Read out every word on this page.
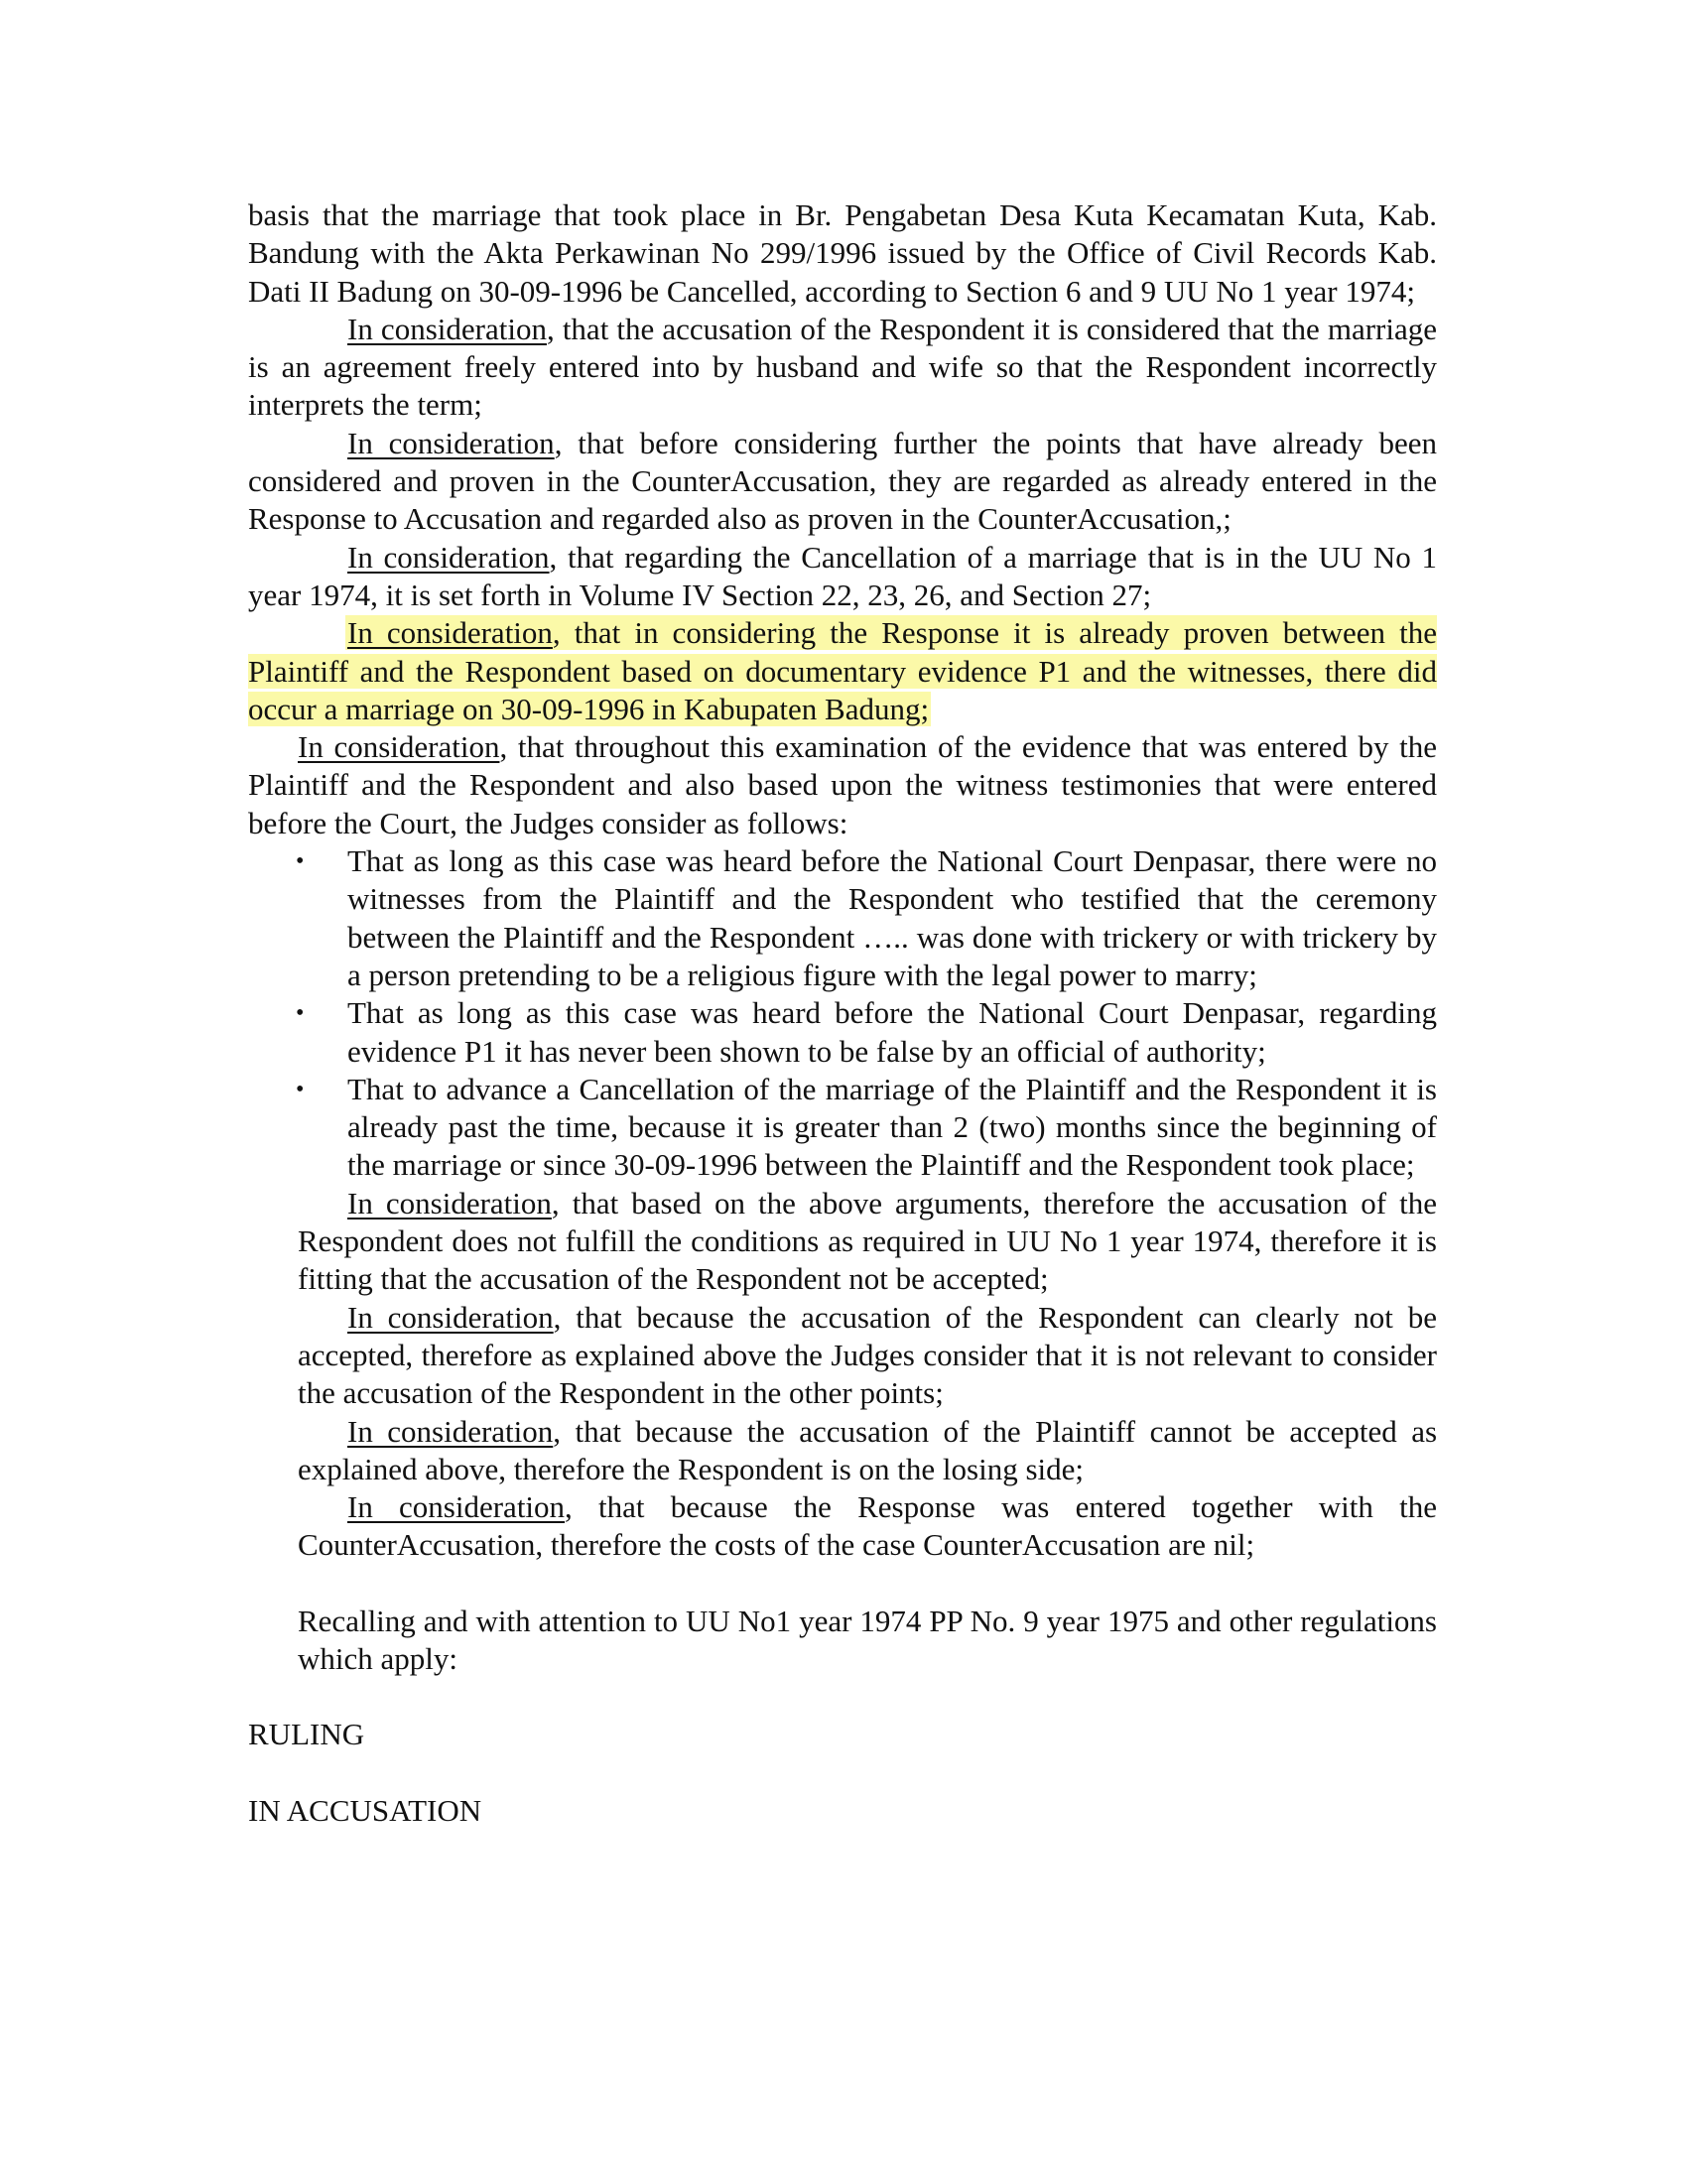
basis that the marriage that took place in Br. Pengabetan Desa Kuta Kecamatan Kuta, Kab. Bandung with the Akta Perkawinan No 299/1996 issued by the Office of Civil Records Kab. Dati II Badung on 30-09-1996 be Cancelled, according to Section 6 and 9 UU No 1 year 1974;

In consideration, that the accusation of the Respondent it is considered that the marriage is an agreement freely entered into by husband and wife so that the Respondent incorrectly interprets the term;

In consideration, that before considering further the points that have already been considered and proven in the CounterAccusation, they are regarded as already entered in the Response to Accusation and regarded also as proven in the CounterAccusation,;

In consideration, that regarding the Cancellation of a marriage that is in the UU No 1 year 1974, it is set forth in Volume IV Section 22, 23, 26, and Section 27;

In consideration, that in considering the Response it is already proven between the Plaintiff and the Respondent based on documentary evidence P1 and the witnesses, there did occur a marriage on 30-09-1996 in Kabupaten Badung;

In consideration, that throughout this examination of the evidence that was entered by the Plaintiff and the Respondent and also based upon the witness testimonies that were entered before the Court, the Judges consider as follows:

• That as long as this case was heard before the National Court Denpasar, there were no witnesses from the Plaintiff and the Respondent who testified that the ceremony between the Plaintiff and the Respondent ….. was done with trickery or with trickery by a person pretending to be a religious figure with the legal power to marry;
• That as long as this case was heard before the National Court Denpasar, regarding evidence P1 it has never been shown to be false by an official of authority;
• That to advance a Cancellation of the marriage of the Plaintiff and the Respondent it is already past the time, because it is greater than 2 (two) months since the beginning of the marriage or since 30-09-1996 between the Plaintiff and the Respondent took place;

In consideration, that based on the above arguments, therefore the accusation of the Respondent does not fulfill the conditions as required in UU No 1 year 1974, therefore it is fitting that the accusation of the Respondent not be accepted;

In consideration, that because the accusation of the Respondent can clearly not be accepted, therefore as explained above the Judges consider that it is not relevant to consider the accusation of the Respondent in the other points;

In consideration, that because the accusation of the Plaintiff cannot be accepted as explained above, therefore the Respondent is on the losing side;

In consideration, that because the Response was entered together with the CounterAccusation, therefore the costs of the case CounterAccusation are nil;

Recalling and with attention to UU No1 year 1974 PP No. 9 year 1975 and other regulations which apply:

RULING

IN ACCUSATION
